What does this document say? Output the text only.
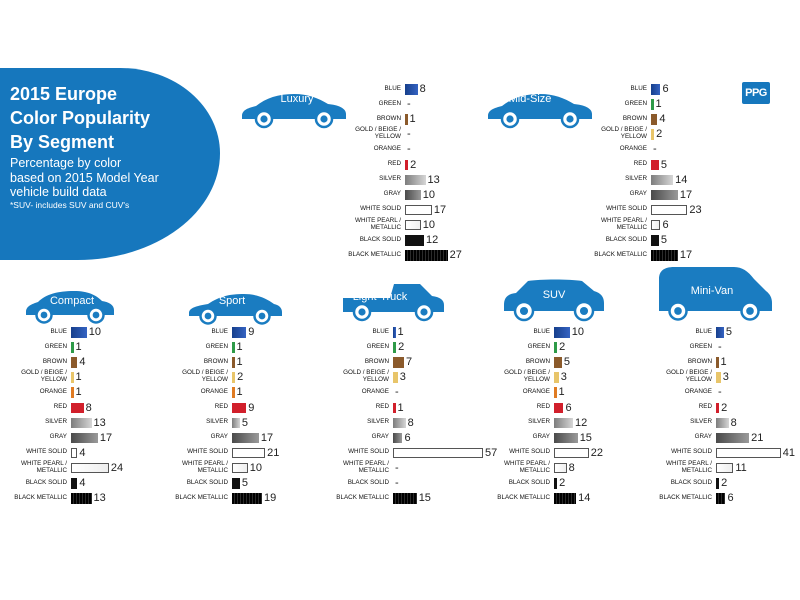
2015 Europe
Color Popularity
By Segment
Percentage by color
based on 2015 Model Year
vehicle build data
*SUV- includes SUV and CUV's
PPG
Luxury
BLUE 8
GREEN -
BROWN 1
GOLD / BEIGE /
YELLOW -
ORANGE -
RED 2
SILVER 13
GRAY 10
WHITE SOLID	17
WHITE PEARL /
METALLIC 10
BLACK SOLID 12
BLACK METALLIC	27
Mid-Size
BLUE 6
GREEN 1
BROWN 4
GOLD / BEIGE /
YELLOW 2
ORANGE -
RED 5
SILVER	14
GRAY	17
WHITE SOLID	23
WHITE PEARL /
METALLIC 6
BLACK SOLID 5
BLACK METALLIC	17
Compact
BLUE 10
GREEN 1
BROWN 4
GOLD / BEIGE /
YELLOW 1
ORANGE 1
RED 8
SILVER 13
GRAY	17
WHITE SOLID 4
WHITE PEARL /
METALLIC	24
BLACK SOLID 4
BLACK METALLIC 13
Sport
BLUE 9
GREEN 1
BROWN 1
GOLD / BEIGE /
YELLOW 2
ORANGE 1
RED 9
SILVER 5
GRAY	17
WHITE SOLID	21
WHITE PEARL /
METALLIC 10
BLACK SOLID 5
BLACK METALLIC	19
Light-Truck
BLUE 1
GREEN 2
BROWN 7
GOLD / BEIGE /
YELLOW 3
ORANGE -
RED 1
SILVER 8
GRAY 6
WHITE SOLID	57
WHITE PEARL /
METALLIC -
BLACK SOLID -
BLACK METALLIC	15
SUV
BLUE 10
GREEN 2
BROWN 5
GOLD / BEIGE /
YELLOW 3
ORANGE 1
RED 6
SILVER 12
GRAY	15
WHITE SOLID	22
WHITE PEARL /
METALLIC 8
BLACK SOLID 2
BLACK METALLIC	14
Mini-Van
BLUE 5
GREEN -
BROWN 1
GOLD / BEIGE /
YELLOW 3
ORANGE -
RED 2
SILVER 8
GRAY	21
WHITE SOLID	41
WHITE PEARL /
METALLIC 11
BLACK SOLID 2
BLACK METALLIC 6
